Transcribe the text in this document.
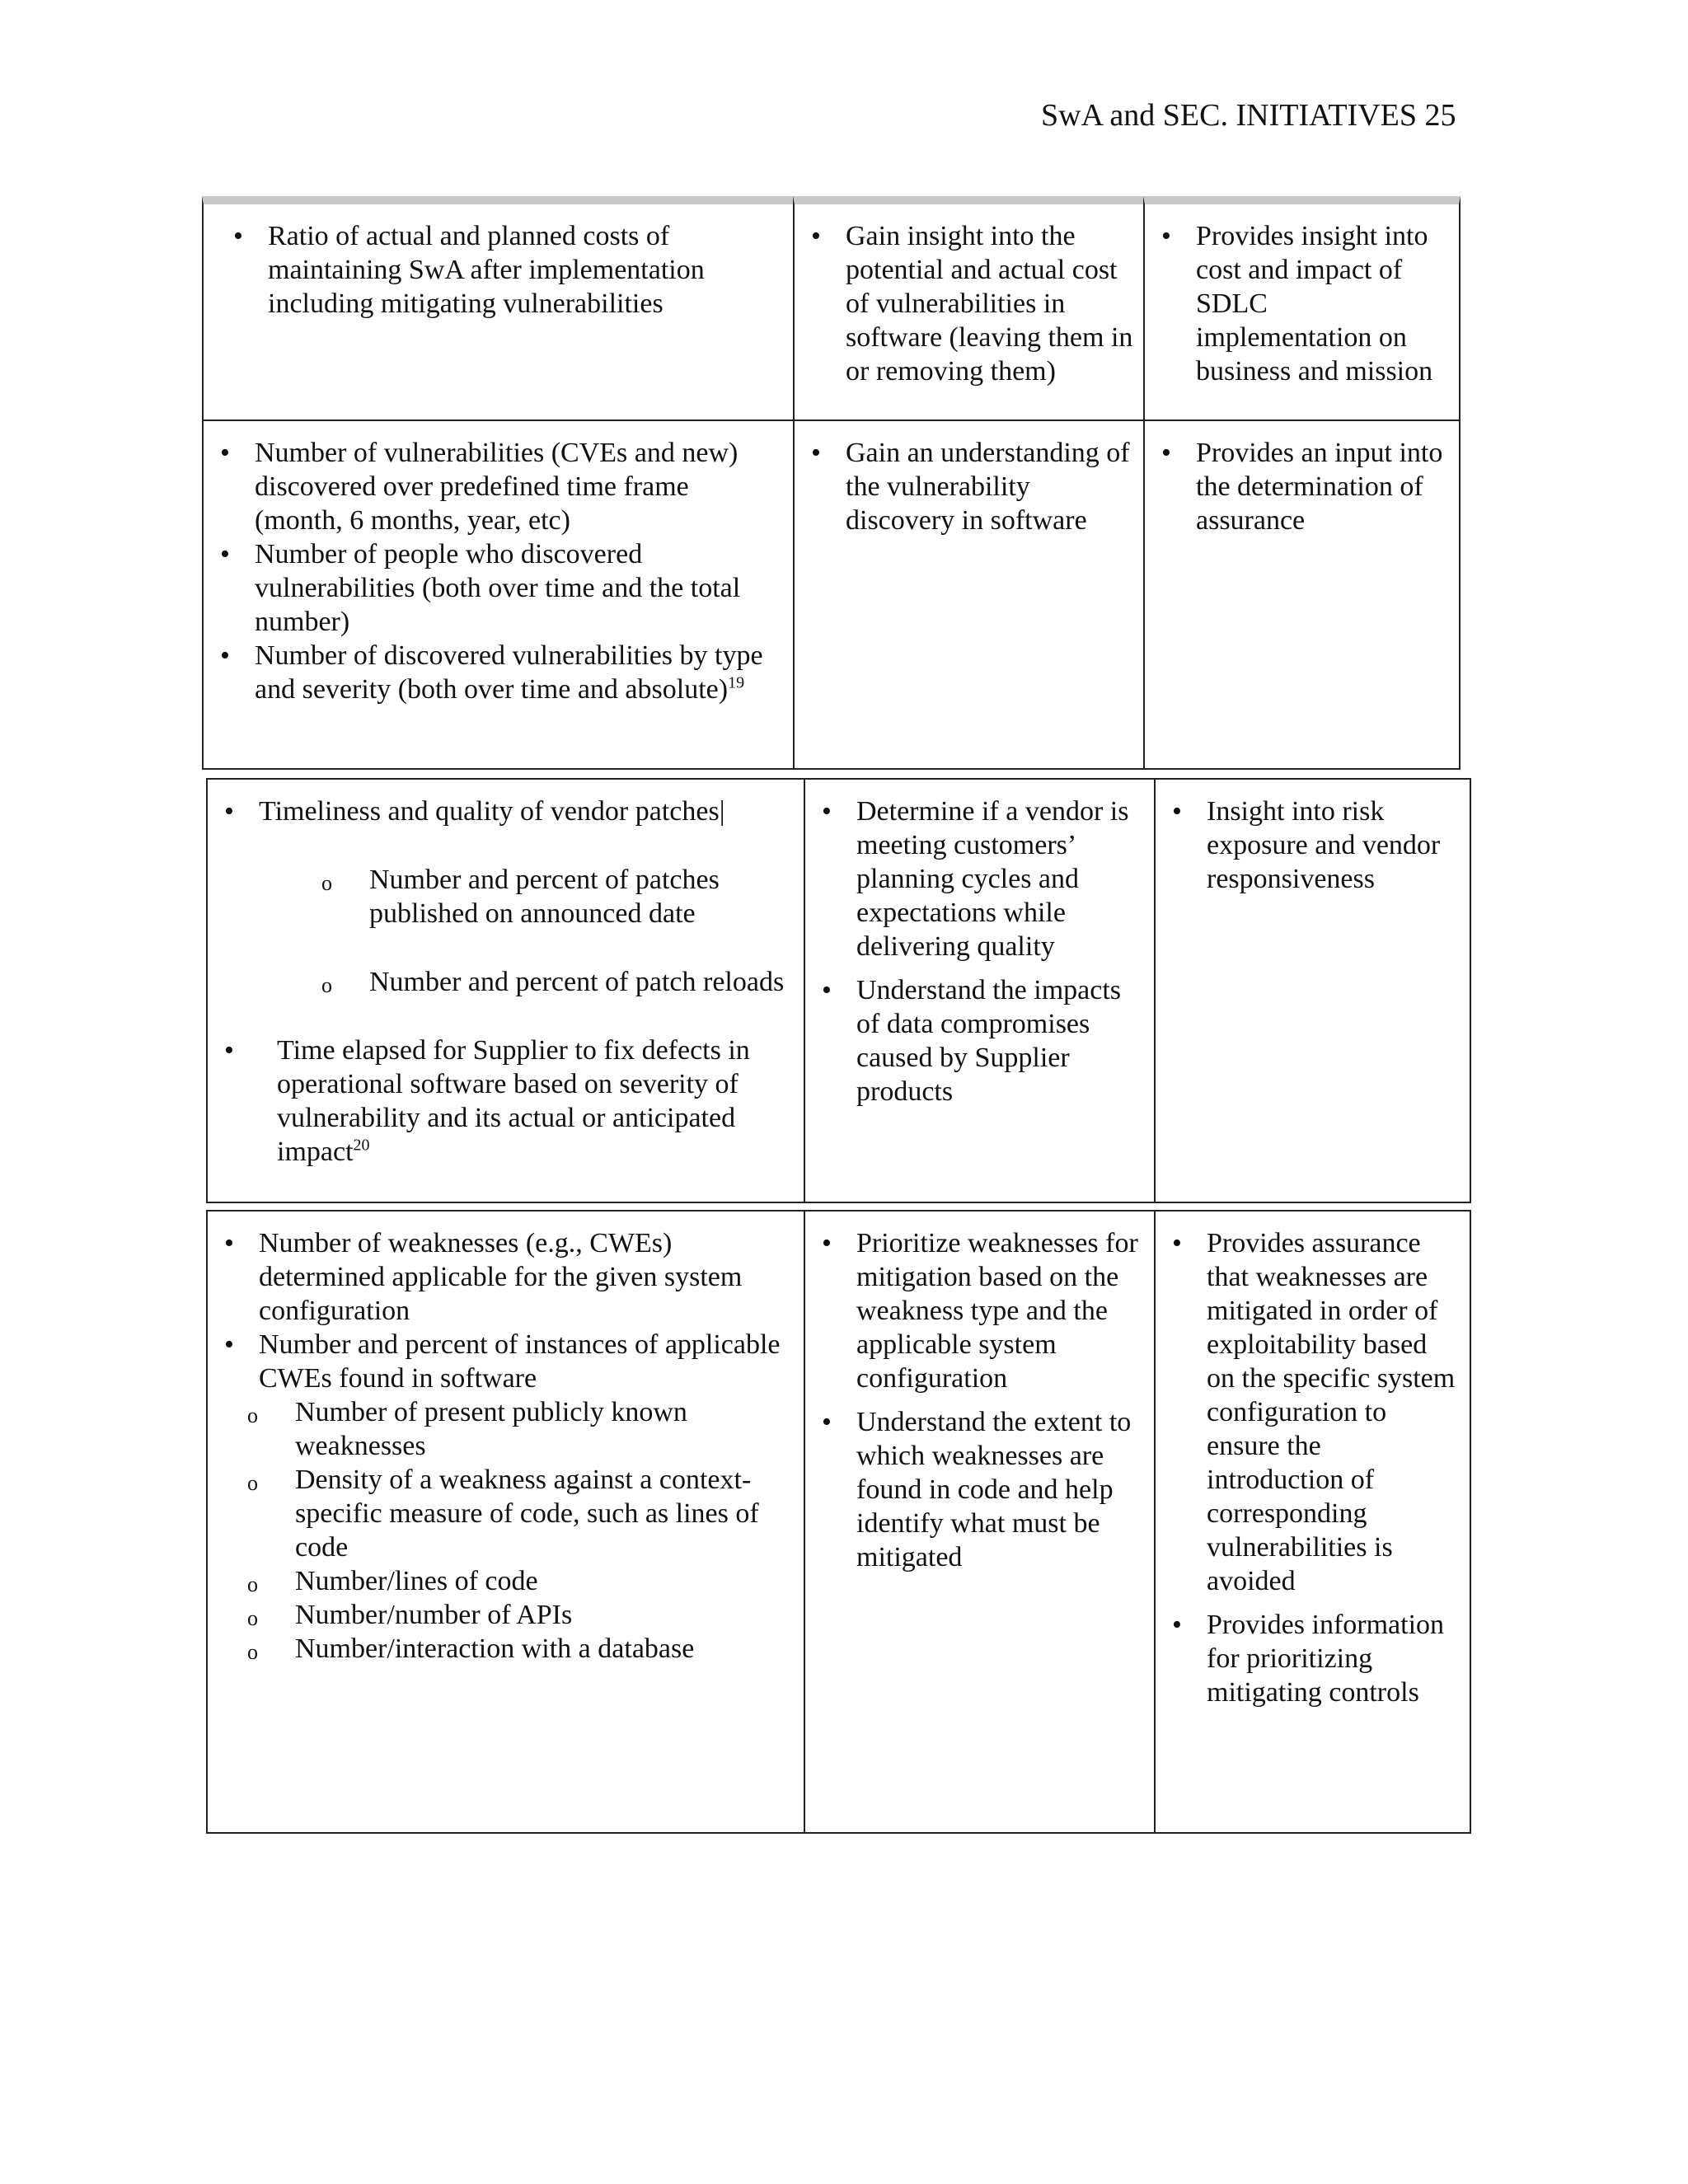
SwA and SEC. INITIATIVES 25
• Ratio of actual and planned costs of maintaining SwA after implementation including mitigating vulnerabilities
• Gain insight into the potential and actual cost of vulnerabilities in software (leaving them in or removing them)
• Provides insight into cost and impact of SDLC implementation on business and mission
• Number of vulnerabilities (CVEs and new) discovered over predefined time frame (month, 6 months, year, etc)
• Number of people who discovered vulnerabilities (both over time and the total number)
• Number of discovered vulnerabilities by type and severity (both over time and absolute)$^{19}$
• Gain an understanding of the vulnerability discovery in software
• Provides an input into the determination of assurance
• Timeliness and quality of vendor patches|
o Number and percent of patches published on announced date
o Number and percent of patch reloads
• Time elapsed for Supplier to fix defects in operational software based on severity of vulnerability and its actual or anticipated impact$^{20}$
• Determine if a vendor is meeting customers’ planning cycles and expectations while delivering quality
• Understand the impacts of data compromises caused by Supplier products
• Insight into risk exposure and vendor responsiveness
• Number of weaknesses (e.g., CWEs) determined applicable for the given system configuration
• Number and percent of instances of applicable CWEs found in software
o Number of present publicly known weaknesses
o Density of a weakness against a context-specific measure of code, such as lines of code
o Number/lines of code
o Number/number of APIs
o Number/interaction with a database
• Prioritize weaknesses for mitigation based on the weakness type and the applicable system configuration
• Understand the extent to which weaknesses are found in code and help identify what must be mitigated
• Provides assurance that weaknesses are mitigated in order of exploitability based on the specific system configuration to ensure the introduction of corresponding vulnerabilities is avoided
• Provides information for prioritizing mitigating controls
